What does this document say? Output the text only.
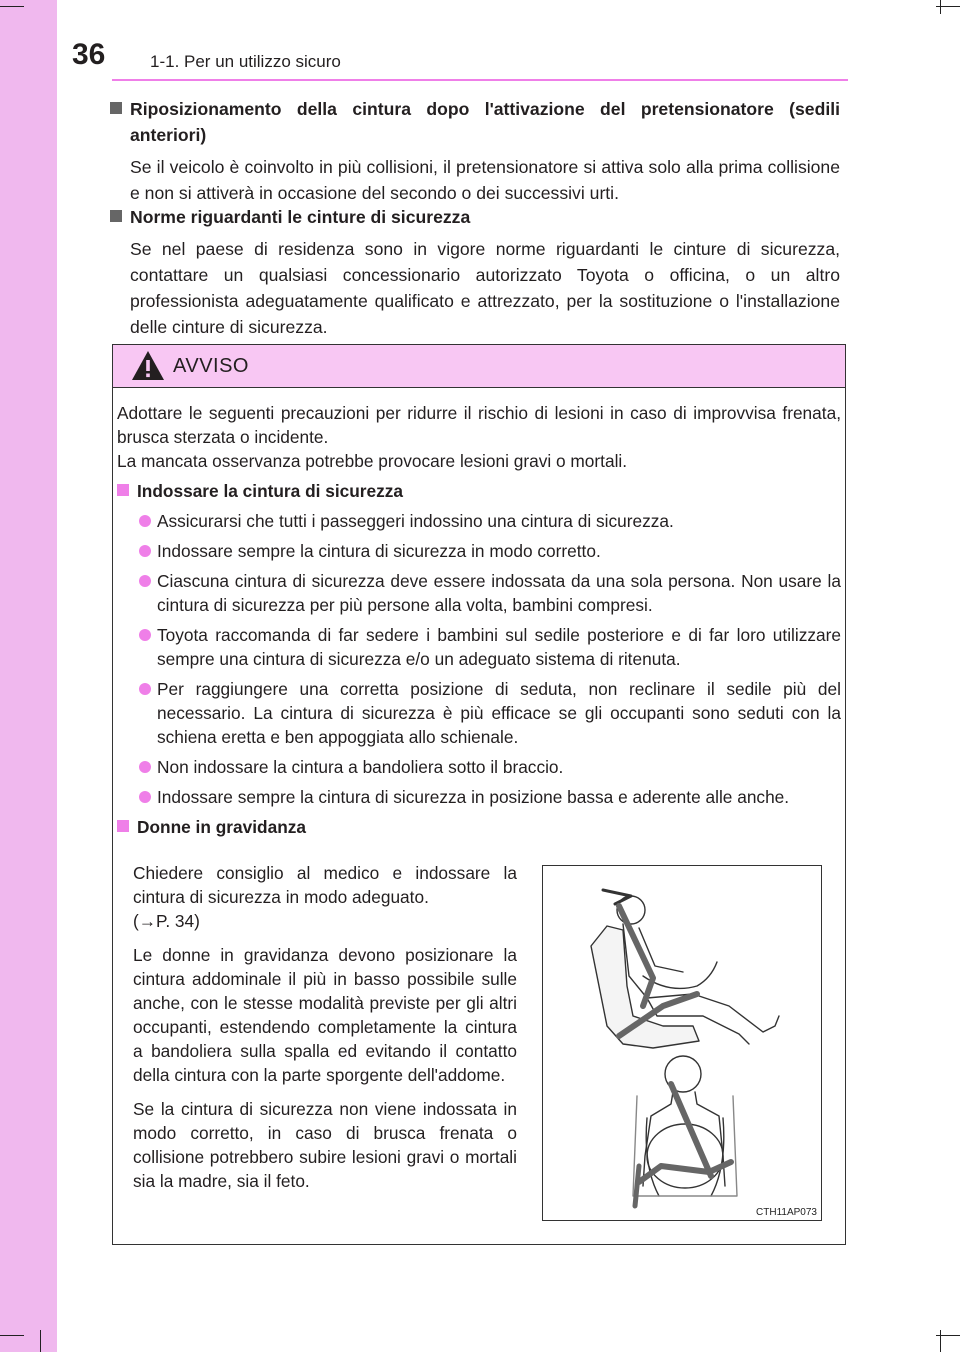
36	1-1. Per un utilizzo sicuro
Riposizionamento della cintura dopo l'attivazione del pretensionatore (sedili anteriori)
Se il veicolo è coinvolto in più collisioni, il pretensionatore si attiva solo alla prima collisione e non si attiverà in occasione del secondo o dei successivi urti.
Norme riguardanti le cinture di sicurezza
Se nel paese di residenza sono in vigore norme riguardanti le cinture di sicurezza, contattare un qualsiasi concessionario autorizzato Toyota o officina, o un altro professionista adeguatamente qualificato e attrezzato, per la sostituzione o l'installazione delle cinture di sicurezza.
AVVISO
Adottare le seguenti precauzioni per ridurre il rischio di lesioni in caso di improvvisa frenata, brusca sterzata o incidente.
La mancata osservanza potrebbe provocare lesioni gravi o mortali.
Indossare la cintura di sicurezza
Assicurarsi che tutti i passeggeri indossino una cintura di sicurezza.
Indossare sempre la cintura di sicurezza in modo corretto.
Ciascuna cintura di sicurezza deve essere indossata da una sola persona. Non usare la cintura di sicurezza per più persone alla volta, bambini compresi.
Toyota raccomanda di far sedere i bambini sul sedile posteriore e di far loro utilizzare sempre una cintura di sicurezza e/o un adeguato sistema di ritenuta.
Per raggiungere una corretta posizione di seduta, non reclinare il sedile più del necessario. La cintura di sicurezza è più efficace se gli occupanti sono seduti con la schiena eretta e ben appoggiata allo schienale.
Non indossare la cintura a bandoliera sotto il braccio.
Indossare sempre la cintura di sicurezza in posizione bassa e aderente alle anche.
Donne in gravidanza

Chiedere consiglio al medico e indossare la cintura di sicurezza in modo adeguato.
(→P. 34)

Le donne in gravidanza devono posizionare la cintura addominale il più in basso possibile sulle anche, con le stesse modalità previste per gli altri occupanti, estendendo completamente la cintura a bandoliera sulla spalla ed evitando il contatto della cintura con la parte sporgente dell'addome.

Se la cintura di sicurezza non viene indossata in modo corretto, in caso di brusca frenata o collisione potrebbero subire lesioni gravi o mortali sia la madre, sia il feto.

CTH11AP073
